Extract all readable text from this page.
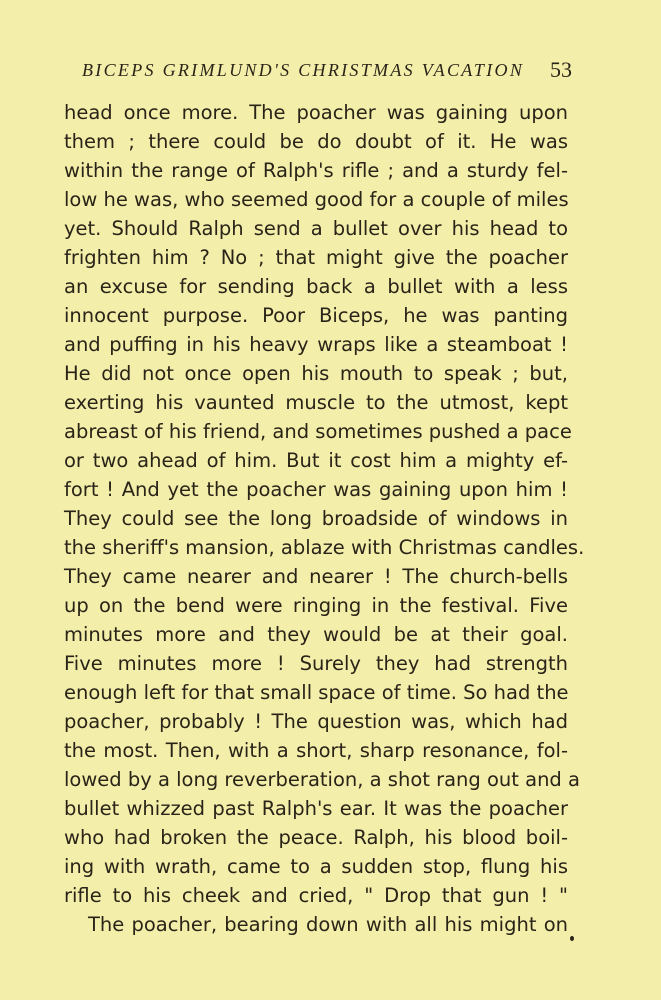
BICEPS GRIMLUND'S CHRISTMAS VACATION 53
head once more. The poacher was gaining upon
them ; there could be do doubt of it. He was
within the range of Ralph's rifle ; and a sturdy fel-
low he was, who seemed good for a couple of miles
yet. Should Ralph send a bullet over his head to
frighten him ? No ; that might give the poacher
an excuse for sending back a bullet with a less
innocent purpose. Poor Biceps, he was panting
and puffing in his heavy wraps like a steamboat !
He did not once open his mouth to speak ; but,
exerting his vaunted muscle to the utmost, kept
abreast of his friend, and sometimes pushed a pace
or two ahead of him. But it cost him a mighty ef-
fort ! And yet the poacher was gaining upon him !
They could see the long broadside of windows in
the sheriff's mansion, ablaze with Christmas candles.
They came nearer and nearer ! The church-bells
up on the bend were ringing in the festival. Five
minutes more and they would be at their goal.
Five minutes more ! Surely they had strength
enough left for that small space of time. So had the
poacher, probably ! The question was, which had
the most. Then, with a short, sharp resonance, fol-
lowed by a long reverberation, a shot rang out and a
bullet whizzed past Ralph's ear. It was the poacher
who had broken the peace. Ralph, his blood boil-
ing with wrath, came to a sudden stop, flung his
rifle to his cheek and cried, " Drop that gun ! "
The poacher, bearing down with all his might on
